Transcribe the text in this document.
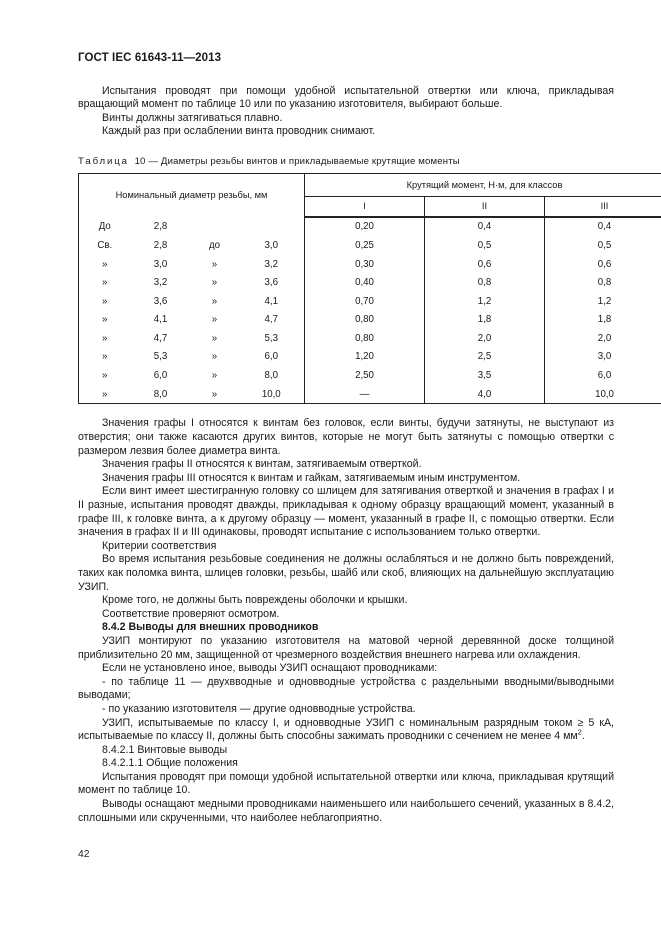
ГОСТ IEC 61643-11—2013

Испытания проводят при помощи удобной испытательной отвертки или ключа, прикладывая вращающий момент по таблице 10 или по указанию изготовителя, выбирают больше.

Винты должны затягиваться плавно.

Каждый раз при ослаблении винта проводник снимают.

Таблица 10 — Диаметры резьбы винтов и прикладываемые крутящие моменты
Номинальный диаметр резьбы, мм				Крутящий момент, Н·м, для классов		
				I	II	III
До	2,8			0,20	0,4	0,4
Св.	2,8	до	3,0	0,25	0,5	0,5
»	3,0	»	3,2	0,30	0,6	0,6
»	3,2	»	3,6	0,40	0,8	0,8
»	3,6	»	4,1	0,70	1,2	1,2
»	4,1	»	4,7	0,80	1,8	1,8
»	4,7	»	5,3	0,80	2,0	2,0
»	5,3	»	6,0	1,20	2,5	3,0
»	6,0	»	8,0	2,50	3,5	6,0
»	8,0	»	10,0	—	4,0	10,0

Значения графы I относятся к винтам без головок, если винты, будучи затянуты, не выступают из отверстия; они также касаются других винтов, которые не могут быть затянуты с помощью отвертки с размером лезвия более диаметра винта.

Значения графы II относятся к винтам, затягиваемым отверткой.

Значения графы III относятся к винтам и гайкам, затягиваемым иным инструментом.

Если винт имеет шестигранную головку со шлицем для затягивания отверткой и значения в графах I и II разные, испытания проводят дважды, прикладывая к одному образцу вращающий момент, указанный в графе III, к головке винта, а к другому образцу — момент, указанный в графе II, с помощью отвертки. Если значения в графах II и III одинаковы, проводят испытание с использованием только отвертки.

Критерии соответствия

Во время испытания резьбовые соединения не должны ослабляться и не должно быть повреждений, таких как поломка винта, шлицев головки, резьбы, шайб или скоб, влияющих на дальнейшую эксплуатацию УЗИП.

Кроме того, не должны быть повреждены оболочки и крышки.

Соответствие проверяют осмотром.

8.4.2 Выводы для внешних проводников

УЗИП монтируют по указанию изготовителя на матовой черной деревянной доске толщиной приблизительно 20 мм, защищенной от чрезмерного воздействия внешнего нагрева или охлаждения.

Если не установлено иное, выводы УЗИП оснащают проводниками:

- по таблице 11 — двухвводные и одновводные устройства с раздельными вводными/выводными выводами;

- по указанию изготовителя — другие одновводные устройства.

УЗИП, испытываемые по классу I, и одновводные УЗИП с номинальным разрядным током ≥ 5 кА, испытываемые по классу II, должны быть способны зажимать проводники с сечением не менее 4 $мм^2$.

8.4.2.1 Винтовые выводы

8.4.2.1.1 Общие положения

Испытания проводят при помощи удобной испытательной отвертки или ключа, прикладывая крутящий момент по таблице 10.

Выводы оснащают медными проводниками наименьшего или наибольшего сечений, указанных в 8.4.2, сплошными или скрученными, что наиболее неблагоприятно.

42
